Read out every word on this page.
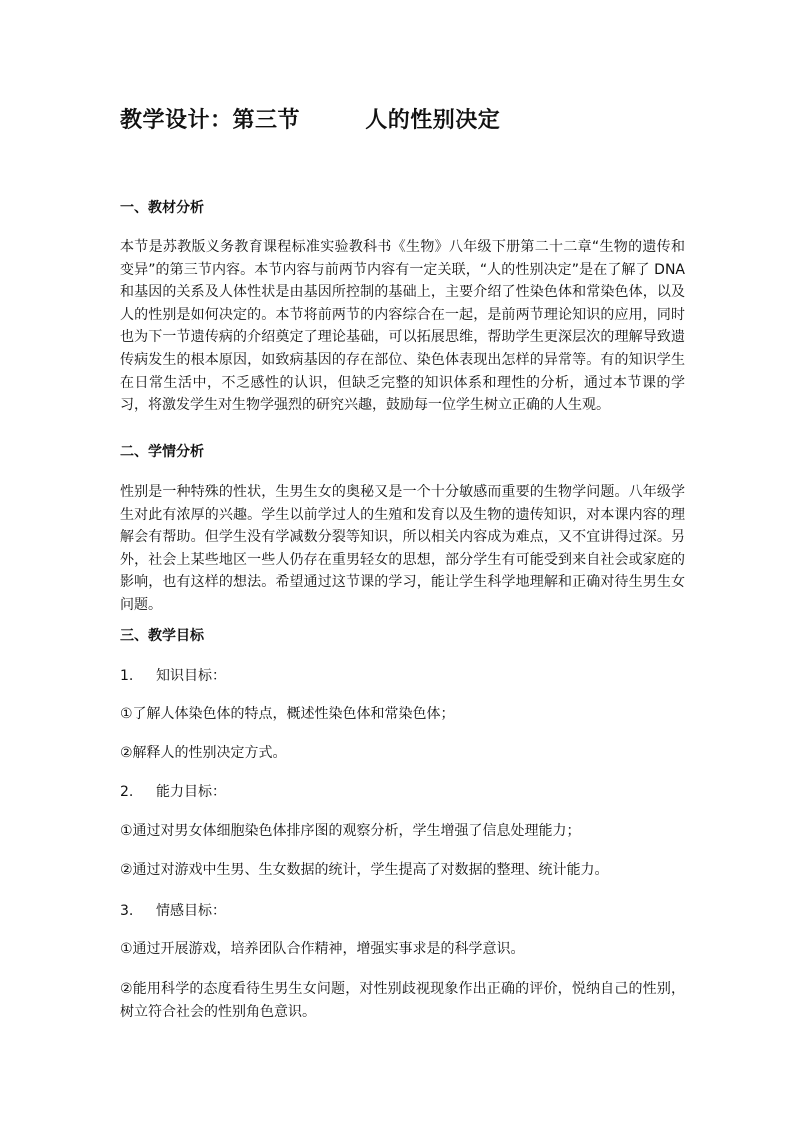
教学设计：第三节        人的性别决定
一、教材分析
本节是苏教版义务教育课程标准实验教科书《生物》八年级下册第二十二章“生物的遗传和变异”的第三节内容。本节内容与前两节内容有一定关联，“人的性别决定”是在了解了 DNA和基因的关系及人体性状是由基因所控制的基础上，主要介绍了性染色体和常染色体，以及人的性别是如何决定的。本节将前两节的内容综合在一起，是前两节理论知识的应用，同时也为下一节遗传病的介绍奠定了理论基础，可以拓展思维，帮助学生更深层次的理解导致遗传病发生的根本原因，如致病基因的存在部位、染色体表现出怎样的异常等。有的知识学生在日常生活中，不乏感性的认识，但缺乏完整的知识体系和理性的分析，通过本节课的学习，将激发学生对生物学强烈的研究兴趣，鼓励每一位学生树立正确的人生观。
二、学情分析
性别是一种特殊的性状，生男生女的奥秘又是一个十分敏感而重要的生物学问题。八年级学生对此有浓厚的兴趣。学生以前学过人的生殖和发育以及生物的遗传知识，对本课内容的理解会有帮助。但学生没有学减数分裂等知识，所以相关内容成为难点，又不宜讲得过深。另外，社会上某些地区一些人仍存在重男轻女的思想，部分学生有可能受到来自社会或家庭的影响，也有这样的想法。希望通过这节课的学习，能让学生科学地理解和正确对待生男生女问题。
三、教学目标
1. 知识目标：
①了解人体染色体的特点，概述性染色体和常染色体；
②解释人的性别决定方式。
2. 能力目标：
①通过对男女体细胞染色体排序图的观察分析，学生增强了信息处理能力；
②通过对游戏中生男、生女数据的统计，学生提高了对数据的整理、统计能力。
3. 情感目标：
①通过开展游戏，培养团队合作精神，增强实事求是的科学意识。
②能用科学的态度看待生男生女问题，对性别歧视现象作出正确的评价，悦纳自己的性别，树立符合社会的性别角色意识。
